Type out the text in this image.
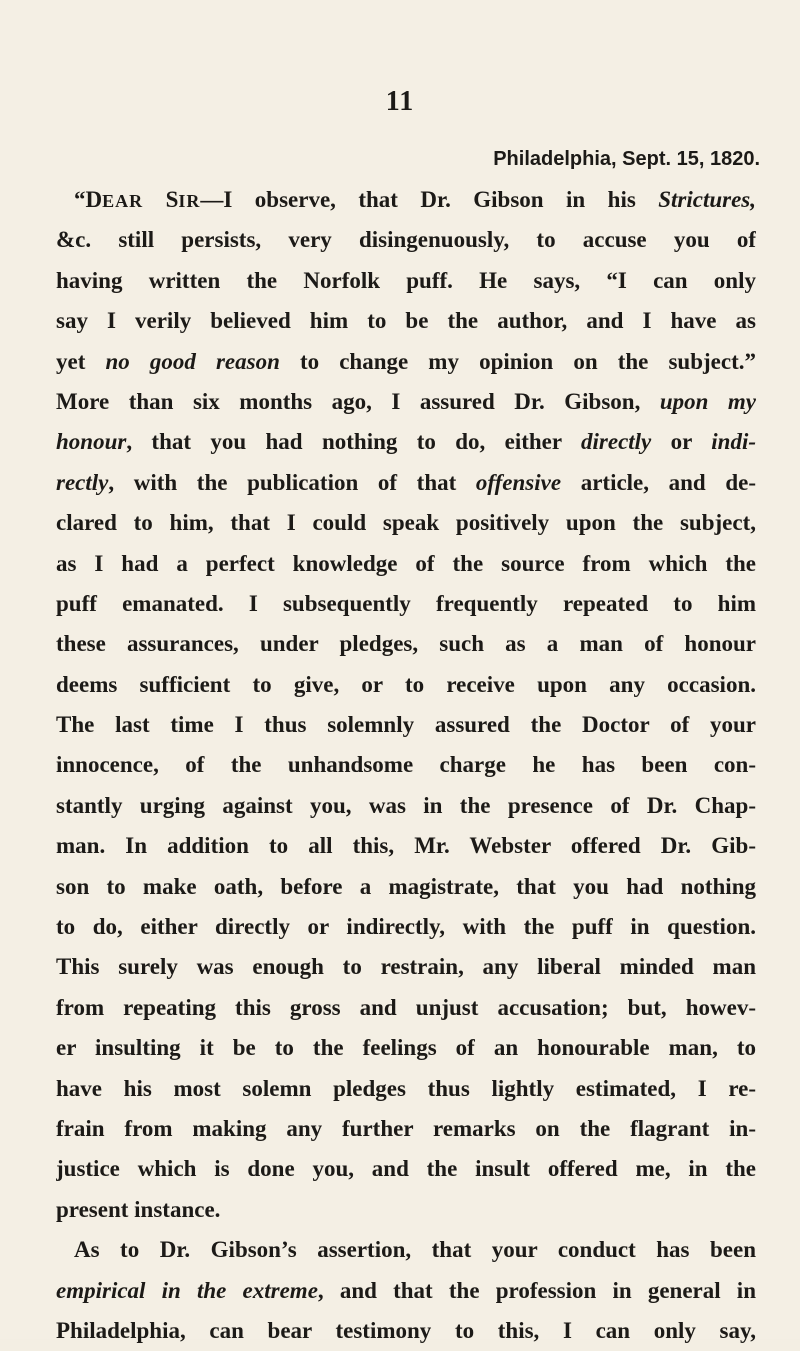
11
Philadelphia, Sept. 15, 1820.
“DEAR SIR—I observe, that Dr. Gibson in his Strictures,
&c. still persists, very disingenuously, to accuse you of
having written the Norfolk puff. He says, “I can only
say I verily believed him to be the author, and I have as
yet no good reason to change my opinion on the subject.”
More than six months ago, I assured Dr. Gibson, upon my
honour, that you had nothing to do, either directly or indi-
rectly, with the publication of that offensive article, and de-
clared to him, that I could speak positively upon the subject,
as I had a perfect knowledge of the source from which the
puff emanated. I subsequently frequently repeated to him
these assurances, under pledges, such as a man of honour
deems sufficient to give, or to receive upon any occasion.
The last time I thus solemnly assured the Doctor of your
innocence, of the unhandsome charge he has been con-
stantly urging against you, was in the presence of Dr. Chap-
man. In addition to all this, Mr. Webster offered Dr. Gib-
son to make oath, before a magistrate, that you had nothing
to do, either directly or indirectly, with the puff in question.
This surely was enough to restrain, any liberal minded man
from repeating this gross and unjust accusation; but, howev-
er insulting it be to the feelings of an honourable man, to
have his most solemn pledges thus lightly estimated, I re-
frain from making any further remarks on the flagrant in-
justice which is done you, and the insult offered me, in the
present instance.
As to Dr. Gibson’s assertion, that your conduct has been
empirical in the extreme, and that the profession in general in
Philadelphia, can bear testimony to this, I can only say,
